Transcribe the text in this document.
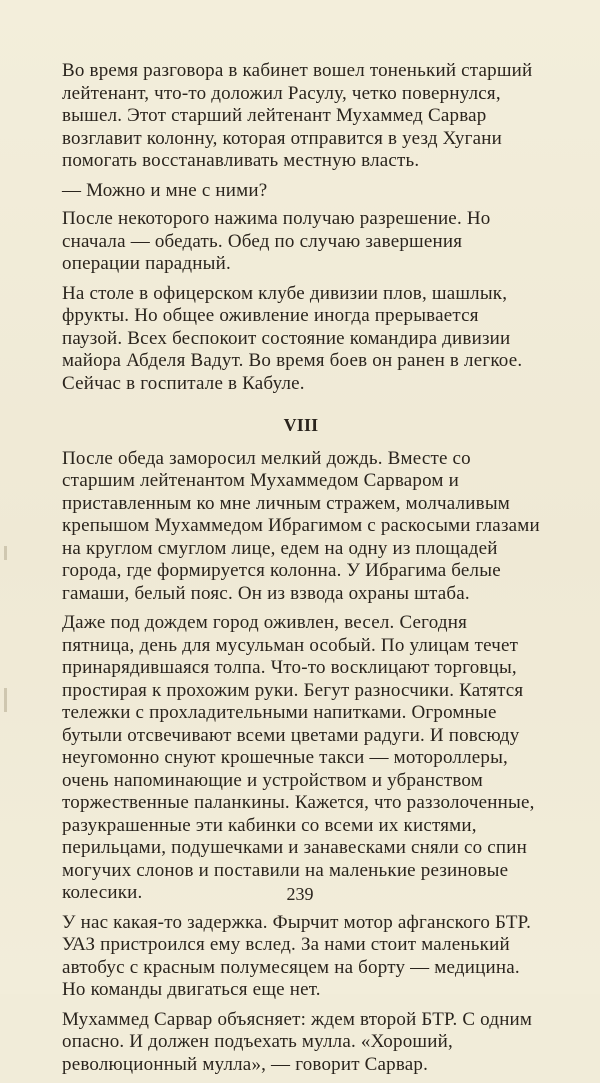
Во время разговора в кабинет вошел тоненький старший лейтенант, что-то доложил Расулу, четко повернулся, вышел. Этот старший лейтенант Мухаммед Сарвар возглавит колонну, которая отправится в уезд Хугани помогать восстанавливать местную власть.

— Можно и мне с ними?

После некоторого нажима получаю разрешение. Но сначала — обедать. Обед по случаю завершения операции парадный.

На столе в офицерском клубе дивизии плов, шашлык, фрукты. Но общее оживление иногда прерывается паузой. Всех беспокоит состояние командира дивизии майора Абделя Вадут. Во время боев он ранен в легкое. Сейчас в госпитале в Кабуле.

VIII

После обеда заморосил мелкий дождь. Вместе со старшим лейтенантом Мухаммедом Сарваром и приставленным ко мне личным стражем, молчаливым крепышом Мухаммедом Ибрагимом с раскосыми глазами на круглом смуглом лице, едем на одну из площадей города, где формируется колонна. У Ибрагима белые гамаши, белый пояс. Он из взвода охраны штаба.

Даже под дождем город оживлен, весел. Сегодня пятница, день для мусульман особый. По улицам течет принарядившаяся толпа. Что-то восклицают торговцы, простирая к прохожим руки. Бегут разносчики. Катятся тележки с прохладительными напитками. Огромные бутыли отсвечивают всеми цветами радуги. И повсюду неугомонно снуют крошечные такси — мотороллеры, очень напоминающие и устройством и убранством торжественные паланкины. Кажется, что раззолоченные, разукрашенные эти кабинки со всеми их кистями, перильцами, подушечками и занавесками сняли со спин могучих слонов и поставили на маленькие резиновые колесики.

У нас какая-то задержка. Фырчит мотор афганского БТР. УАЗ пристроился ему вслед. За нами стоит маленький автобус с красным полумесяцем на борту — медицина. Но команды двигаться еще нет.

Мухаммед Сарвар объясняет: ждем второй БТР. С одним опасно. И должен подъехать мулла. «Хороший, революционный мулла», — говорит Сарвар.

239
